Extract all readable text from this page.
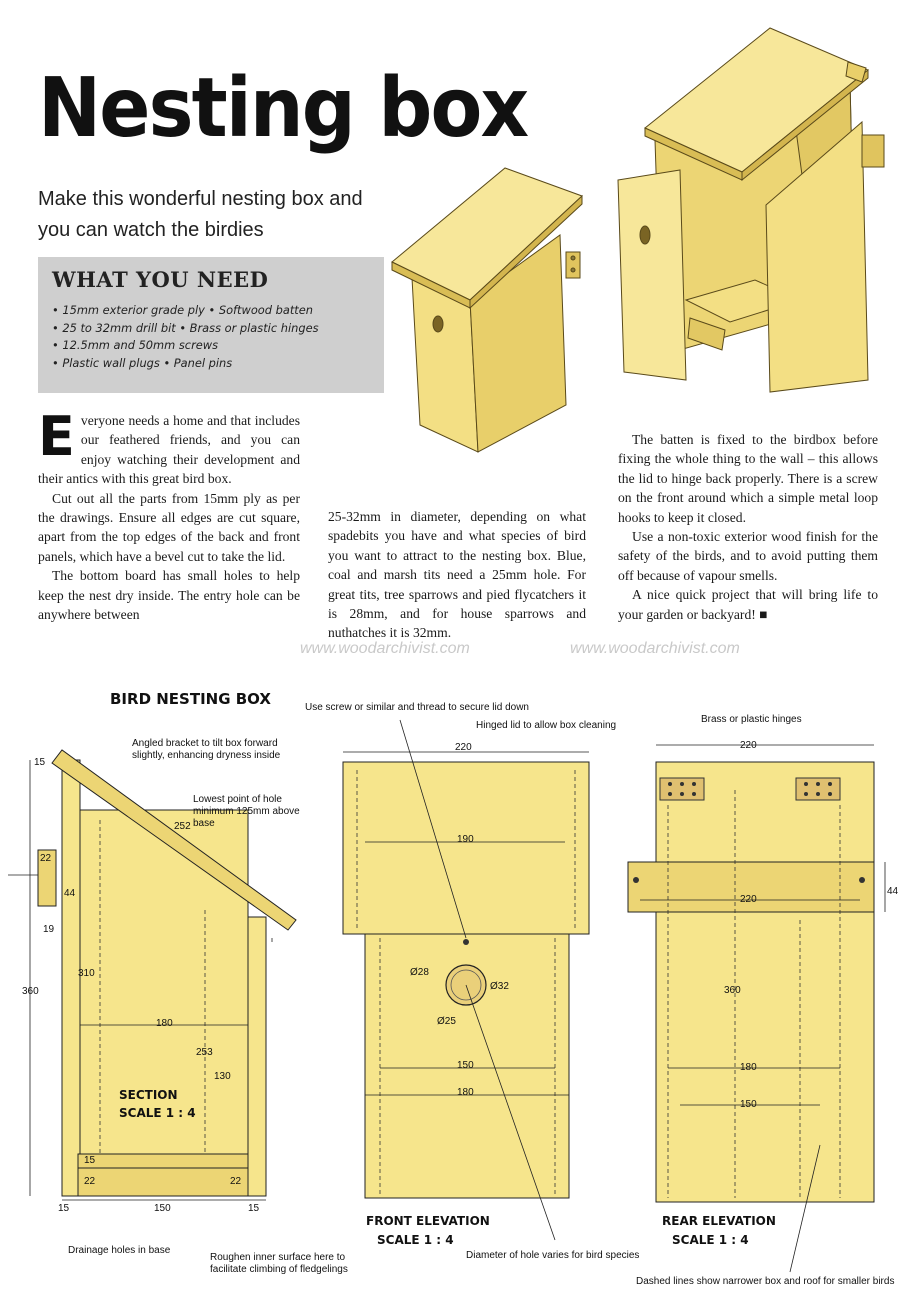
Nesting box
Make this wonderful nesting box and you can watch the birdies
WHAT YOU NEED
• 15mm exterior grade ply • Softwood batten
• 25 to 32mm drill bit • Brass or plastic hinges
• 12.5mm and 50mm screws
• Plastic wall plugs • Panel pins
E veryone needs a home and that includes our feathered friends, and you can enjoy watching their development and their antics with this great bird box.

Cut out all the parts from 15mm ply as per the drawings. Ensure all edges are cut square, apart from the top edges of the back and front panels, which have a bevel cut to take the lid.

The bottom board has small holes to help keep the nest dry inside. The entry hole can be anywhere between

25-32mm in diameter, depending on what spadebits you have and what species of bird you want to attract to the nesting box. Blue, coal and marsh tits need a 25mm hole. For great tits, tree sparrows and pied flycatchers it is 28mm, and for house sparrows and nuthatches it is 32mm.

The batten is fixed to the birdbox before fixing the whole thing to the wall – this allows the lid to hinge back properly. There is a screw on the front around which a simple metal loop hooks to keep it closed.

Use a non-toxic exterior wood finish for the safety of the birds, and to avoid putting them off because of vapour smells.

A nice quick project that will bring life to your garden or backyard! ■

www.woodarchivist.com	www.woodarchivist.com
BIRD NESTING BOX
Angled bracket to tilt box forward slightly, enhancing dryness inside
Lowest point of hole minimum 125mm above base
Drainage holes in base
Roughen inner surface here to facilitate climbing of fledgelings
15
22
44
19
360
310
252
180
253
130
15
22	22
15	150	15
SECTION
SCALE 1 : 4
Use screw or similar and thread to secure lid down
Hinged lid to allow box cleaning
Diameter of hole varies for bird species
220
190
Ø28
Ø32
Ø25
150
180
FRONT ELEVATION
SCALE 1 : 4
Brass or plastic hinges
Dashed lines show narrower box and roof for smaller birds
220
220
44
360
180
150
REAR ELEVATION
SCALE 1 : 4
